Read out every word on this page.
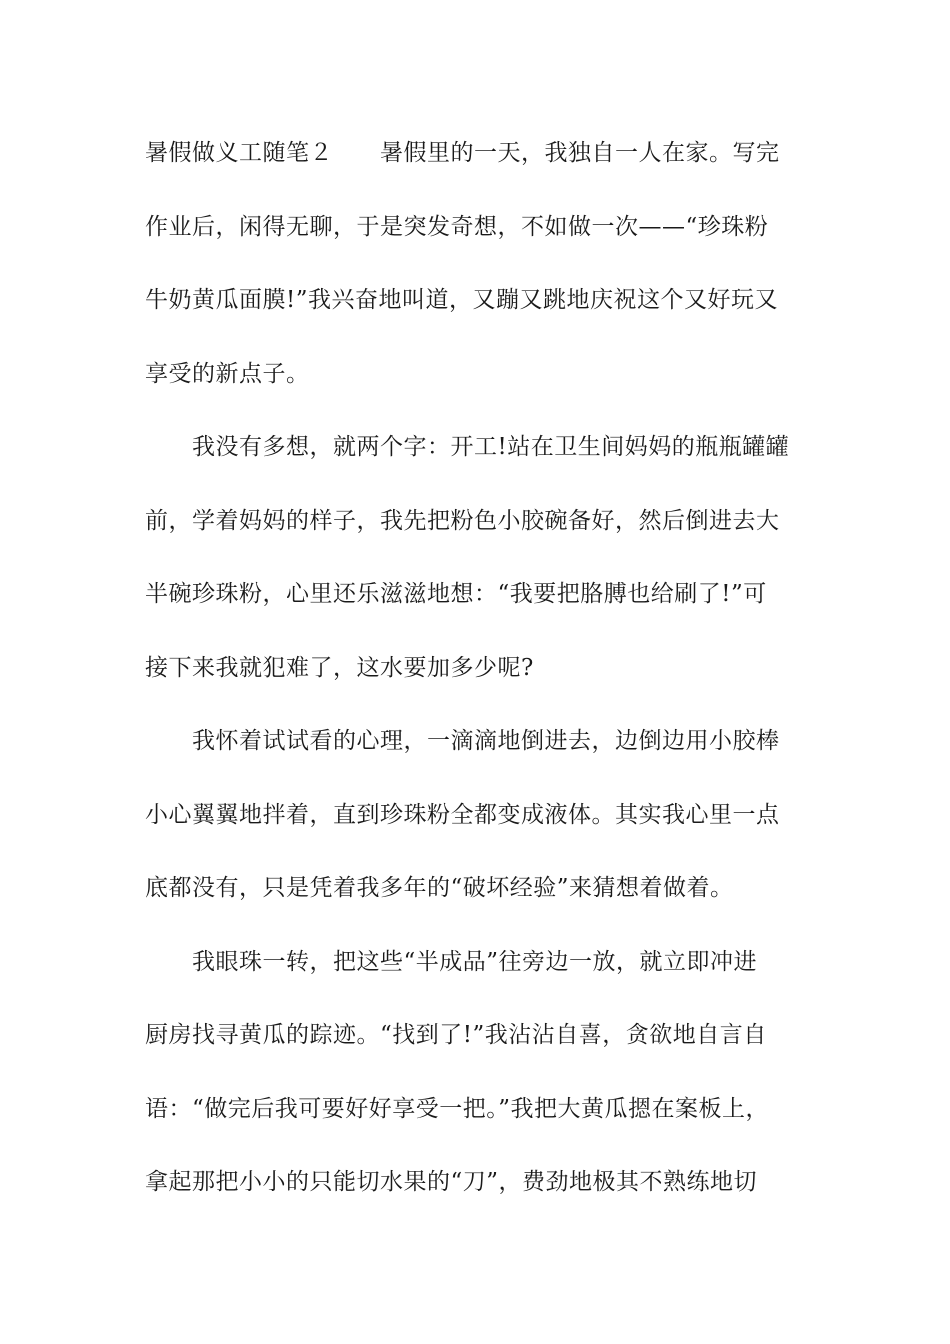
暑假做义工随笔２　　暑假里的一天，我独自一人在家。写完
作业后，闲得无聊，于是突发奇想，不如做一次——“珍珠粉
牛奶黄瓜面膜!”我兴奋地叫道，又蹦又跳地庆祝这个又好玩又
享受的新点子。
我没有多想，就两个字：开工!站在卫生间妈妈的瓶瓶罐罐
前，学着妈妈的样子，我先把粉色小胶碗备好，然后倒进去大
半碗珍珠粉，心里还乐滋滋地想：“我要把胳膊也给刷了!”可
接下来我就犯难了，这水要加多少呢?
我怀着试试看的心理，一滴滴地倒进去，边倒边用小胶棒
小心翼翼地拌着，直到珍珠粉全都变成液体。其实我心里一点
底都没有，只是凭着我多年的“破坏经验”来猜想着做着。
我眼珠一转，把这些“半成品”往旁边一放，就立即冲进
厨房找寻黄瓜的踪迹。“找到了!”我沾沾自喜，贪欲地自言自
语：“做完后我可要好好享受一把。”我把大黄瓜摁在案板上，
拿起那把小小的只能切水果的“刀”，费劲地极其不熟练地切
